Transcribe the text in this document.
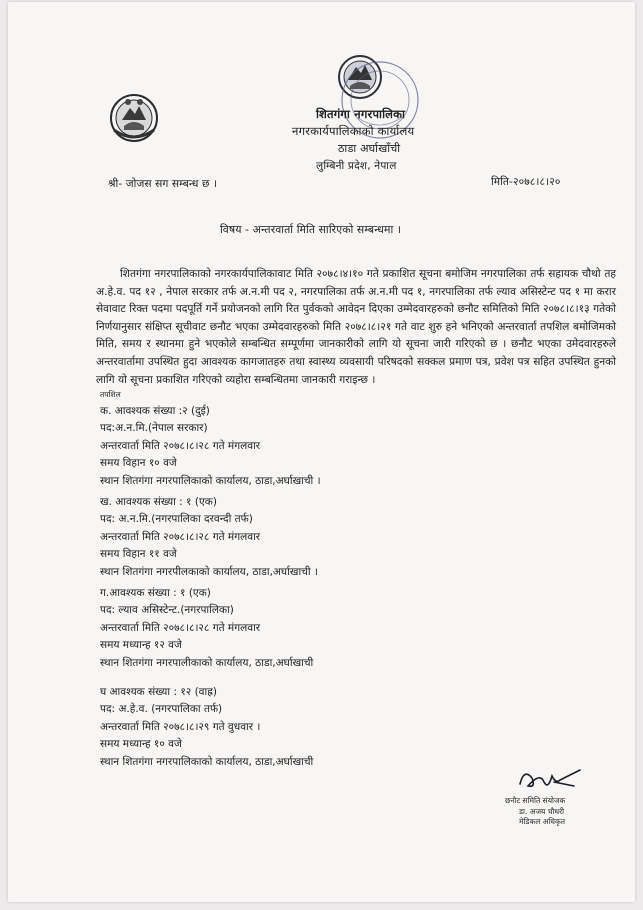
शितगंगा नगरपालिका
नगरकार्यपालिकाको कार्यालय
ठाडा अर्घाखाँची
लुम्बिनी प्रदेश, नेपाल
श्री- जोजस सग सम्बन्ध छ ।	मिति-२०७८।८।२०
विषय - अन्तरवार्ता मिति सारिएको सम्बन्धमा ।
शितगंगा नगरपालिकाको नगरकार्यपालिकावाट मिति २०७८।४।१० गते प्रकाशित सूचना बमोजिम नगरपालिका तर्फ सहायक चौथो तह अ.हे.व. पद १२ , नेपाल सरकार तर्फ अ.न.मी पद २, नगरपालिका तर्फ अ.न.मी पद १, नगरपालिका तर्फ ल्याव असिस्टेन्ट पद १ मा करार सेवावाट रिक्त पदमा पदपूर्ति गर्ने प्रयोजनको लागि रित पुर्वकको आवेदन दिएका उम्मेदवारहरुको छनौट समितिको मिति २०७८।८।१३ गतेको निर्णयानुसार संक्षिप्त सूचीवाट छनौट भएका उम्मेदवारहरुको मिति २०७८।८।२१ गते वाट शुरु हने भनिएको अन्तरवार्ता तपशिल बमोजिमको मिति, समय र स्थानमा हुने भएकोले सम्बन्धित सम्पूर्णमा जानकारीको लागि यो सूचना जारी गरिएको छ । छनौट भएका उमेदवारहरुले अन्तरवार्तामा उपस्थित हुदा आवश्यक कागजातहरु तथा स्वास्थ्य व्यवसायी परिषदको सक्कल प्रमाण पत्र, प्रवेश पत्र सहित उपस्थित हुनको लागि यो सूचना प्रकाशित गरिएको व्यहोरा सम्बन्धितमा जानकारी गराइन्छ ।
तपशिल
क. आवश्यक संख्या :२ (दुई)
पद:अ.न.मि.(नेपाल सरकार)
अन्तरवार्ता मिति २०७८।८।२८ गते मंगलवार
समय विहान १० वजे
स्थान शितगंगा नगरपालिकाको कार्यालय, ठाडा,अर्घाखाची ।
ख. आवश्यक संख्या : १ (एक)
पद: अ.न.मि.(नगरपालिका दरवन्दी तर्फ)
अन्तरवार्ता मिति २०७८।८।२८ गते मंगलवार
समय विहान ११ वजे
स्थान शितगंगा नगरपीलकाको कार्यालय, ठाडा,अर्घाखाची ।
ग.आवश्यक संख्या : १ (एक)
पद: ल्याव असिस्टेन्ट.(नगरपालिका)
अन्तरवार्ता मिति २०७८।८।२८ गते मंगलवार
समय मध्यान्ह १२ वजे
स्थान शितगंगा नगरपालीकाको कार्यालय, ठाडा,अर्घाखाची
घ आवश्यक संख्या : १२ (वाह्र)
पद: अ.हे.व. (नगरपालिका तर्फ)
अन्तरवार्ता मिति २०७८।८।२९ गते वुधवार ।
समय मध्यान्ह १० वजे
स्थान शितगंगा नगरपालिकाको कार्यालय, ठाडा,अर्घाखाची
छनौट समिति संयोजक
डा. अजय चौधरी
मेडिकल अधिकृत
